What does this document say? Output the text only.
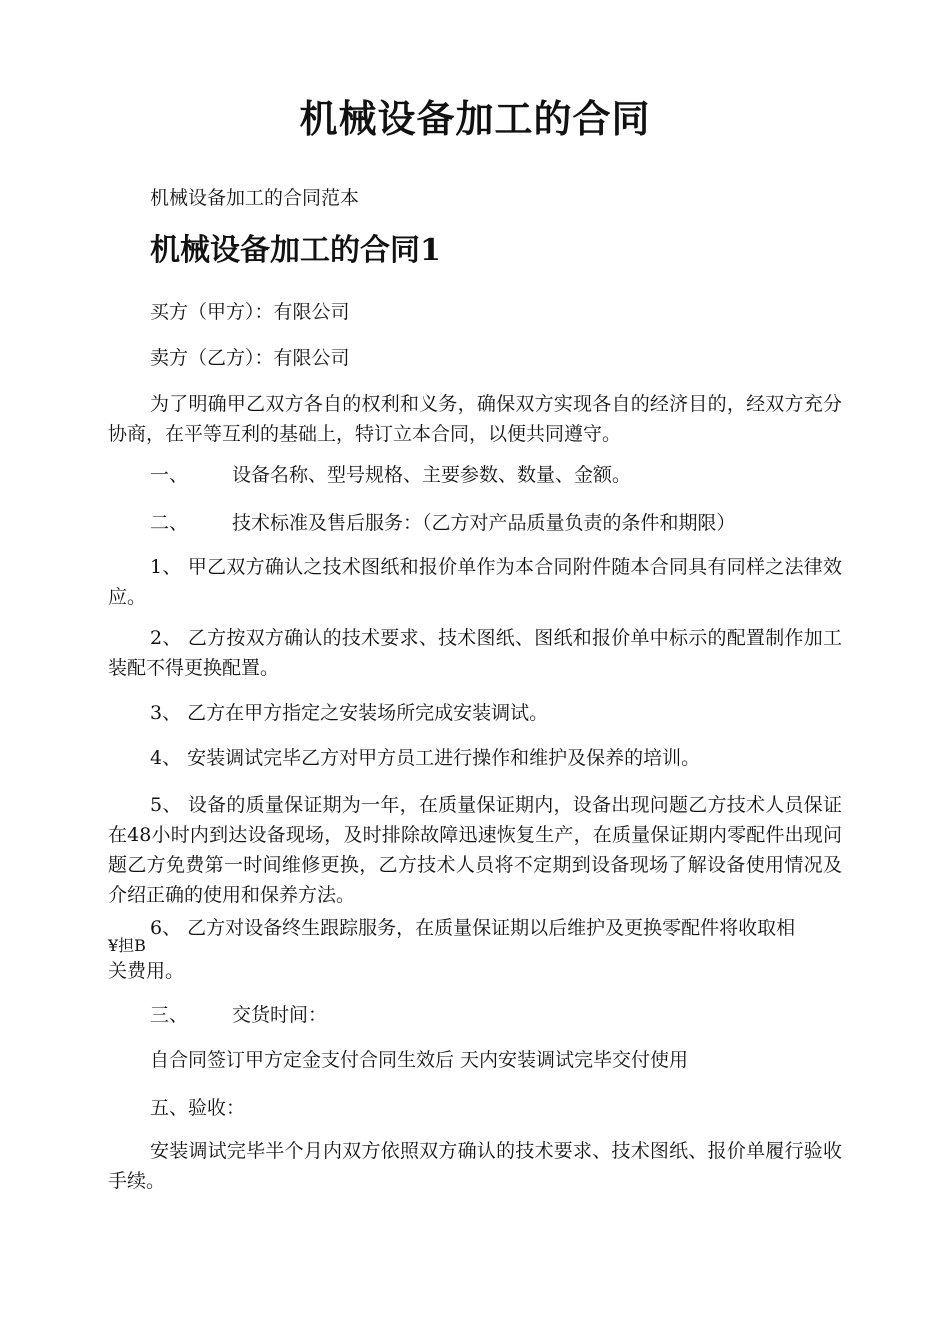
机械设备加工的合同
机械设备加工的合同范本
机械设备加工的合同1
买方（甲方）：有限公司
卖方（乙方）：有限公司
为了明确甲乙双方各自的权利和义务，确保双方实现各自的经济目的，经双方充分协商，在平等互利的基础上，特订立本合同，以便共同遵守。
一、 设备名称、型号规格、主要参数、数量、金额。
二、 技术标准及售后服务：（乙方对产品质量负责的条件和期限）
1、 甲乙双方确认之技术图纸和报价单作为本合同附件随本合同具有同样之法律效应。
2、 乙方按双方确认的技术要求、技术图纸、图纸和报价单中标示的配置制作加工装配不得更换配置。
3、 乙方在甲方指定之安装场所完成安装调试。
4、 安装调试完毕乙方对甲方员工进行操作和维护及保养的培训。
5、 设备的质量保证期为一年，在质量保证期内，设备出现问题乙方技术人员保证在48小时内到达设备现场，及时排除故障迅速恢复生产，在质量保证期内零配件出现问题乙方免费第一时间维修更换，乙方技术人员将不定期到设备现场了解设备使用情况及介绍正确的使用和保养方法。
6、 乙方对设备终生跟踪服务，在质量保证期以后维护及更换零配件将收取相
¥担B
关费用。
三、 交货时间：
自合同签订甲方定金支付合同生效后 天内安装调试完毕交付使用
五、验收：
安装调试完毕半个月内双方依照双方确认的技术要求、技术图纸、报价单履行验收手续。
